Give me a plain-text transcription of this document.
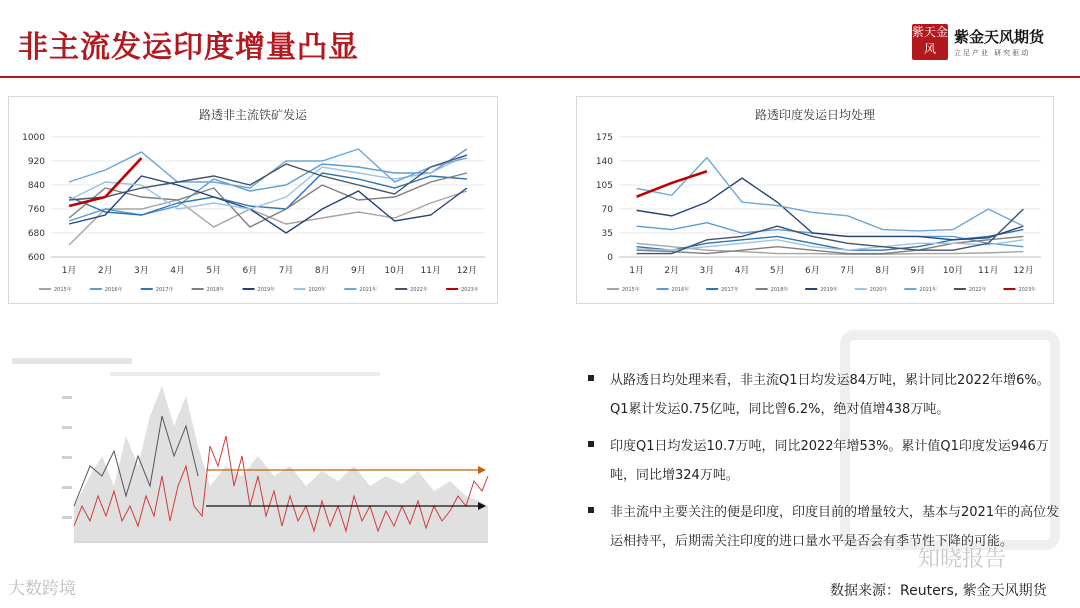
非主流发运印度增量凸显	紫天金风
紫金天风期货
立足产业 研究驱动
路透非主流铁矿发运
600
680
760
840
920
1000
1月 2月 3月 4月 5月 6月 7月 8月 9月 10月 11月 12月
2015年	2016年	2017年	2018年	2019年	2020年	2021年	2022年	2023年
路透印度发运日均处理
0
35
70
105
140
175
1月 2月 3月 4月 5月 6月 7月 8月 9月 10月 11月 12月
2015年	2016年	2017年	2018年	2019年	2020年	2021年	2022年	2023年
从路透日均处理来看，非主流Q1日均发运84万吨，累计同比2022年增6%。Q1累计发运0.75亿吨，同比曾6.2%，绝对值增438万吨。
印度Q1日均发运10.7万吨，同比2022年增53%。累计值Q1印度发运946万吨，同比增324万吨。
非主流中主要关注的便是印度，印度目前的增量较大，基本与2021年的高位发运相持平，后期需关注印度的进口量水平是否会有季节性下降的可能。
数据来源：Reuters, 紫金天风期货
大数跨境
知晓报告
